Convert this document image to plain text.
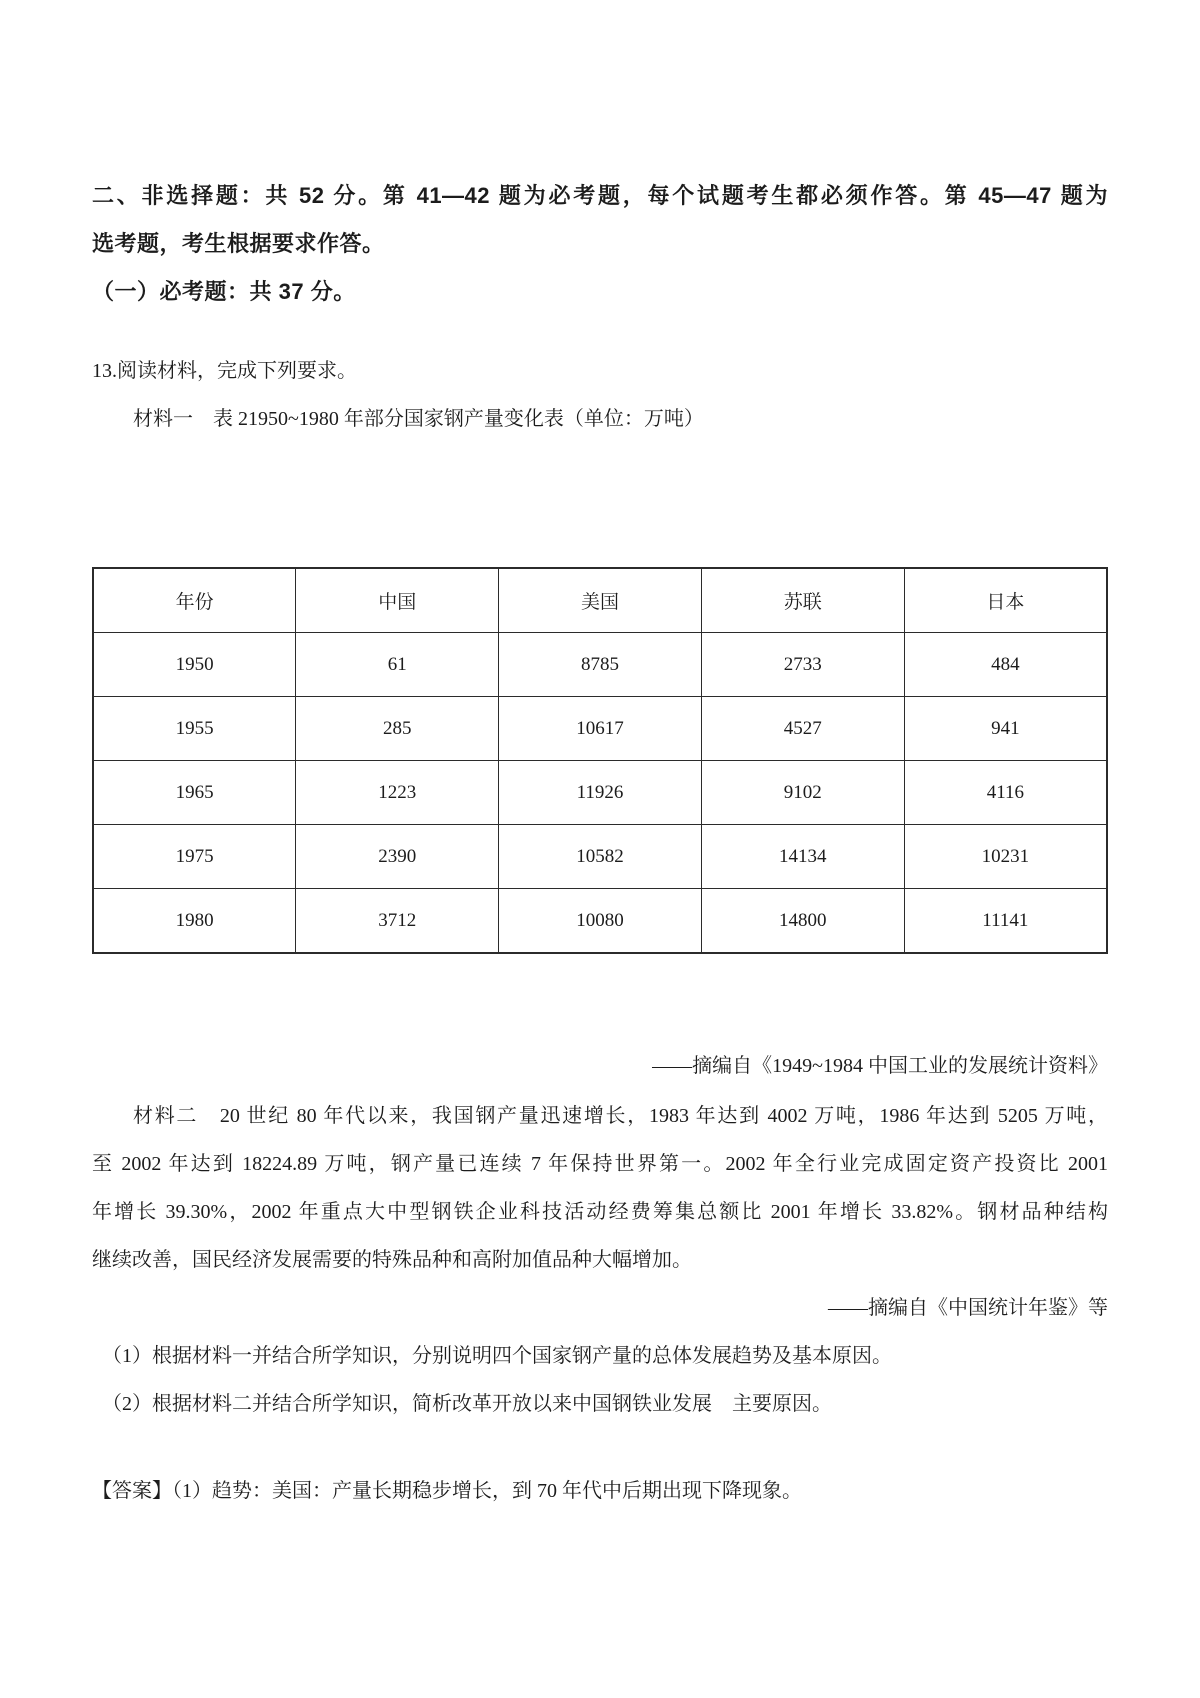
二、非选择题：共 52 分。第 41—42 题为必考题，每个试题考生都必须作答。第 45—47 题为
选考题，考生根据要求作答。
（一）必考题：共 37 分。
13.阅读材料，完成下列要求。
材料一　表 21950~1980 年部分国家钢产量变化表（单位：万吨）
年份	中国	美国	苏联	日本
1950	61	8785	2733	484
1955	285	10617	4527	941
1965	1223	11926	9102	4116
1975	2390	10582	14134	10231
1980	3712	10080	14800	11141
——摘编自《1949~1984 中国工业的发展统计资料》
材料二　20 世纪 80 年代以来，我国钢产量迅速增长，1983 年达到 4002 万吨，1986 年达到 5205 万吨，
至 2002 年达到 18224.89 万吨，钢产量已连续 7 年保持世界第一。2002 年全行业完成固定资产投资比 2001
年增长 39.30%，2002 年重点大中型钢铁企业科技活动经费筹集总额比 2001 年增长 33.82%。钢材品种结构
继续改善，国民经济发展需要的特殊品种和高附加值品种大幅增加。
——摘编自《中国统计年鉴》等
（1）根据材料一并结合所学知识，分别说明四个国家钢产量的总体发展趋势及基本原因。
（2）根据材料二并结合所学知识，简析改革开放以来中国钢铁业发展　主要原因。
【答案】（1）趋势：美国：产量长期稳步增长，到 70 年代中后期出现下降现象。
